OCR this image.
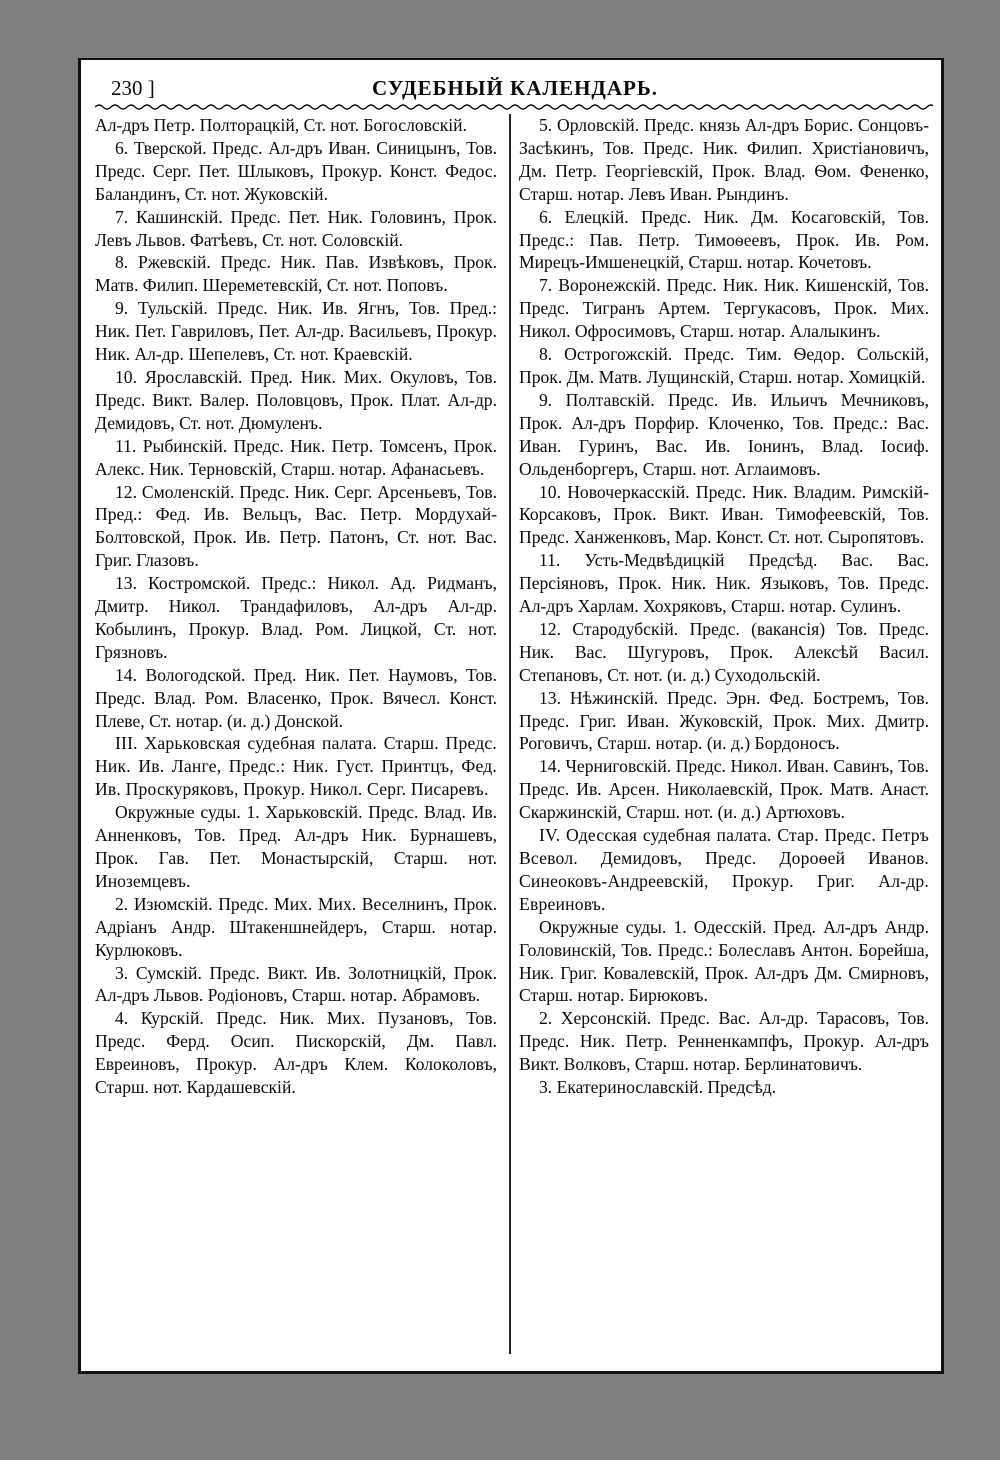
230 ]	СУДЕБНЫЙ КАЛЕНДАРЬ.

Ал-дръ Петр. Полторацкій, Ст. нот. Богословскій.

6. Тверской. Предс. Ал-дръ Иван. Синицынъ, Тов. Предс. Серг. Пет. Шлыковъ, Прокур. Конст. Федос. Баландинъ, Ст. нот. Жуковскій.

7. Кашинскій. Предс. Пет. Ник. Головинъ, Прок. Левъ Львов. Фатѣевъ, Ст. нот. Соловскій.

8. Ржевскій. Предс. Ник. Пав. Извѣковъ, Прок. Матв. Филип. Шереметевскій, Ст. нот. Поповъ.

9. Тульскій. Предс. Ник. Ив. Ягнъ, Тов. Пред.: Ник. Пет. Гавриловъ, Пет. Ал-др. Васильевъ, Прокур. Ник. Ал-др. Шепелевъ, Ст. нот. Краевскій.

10. Ярославскій. Пред. Ник. Мих. Окуловъ, Тов. Предс. Викт. Валер. Половцовъ, Прок. Плат. Ал-др. Демидовъ, Ст. нот. Дюмуленъ.

11. Рыбинскій. Предс. Ник. Петр. Томсенъ, Прок. Алекс. Ник. Терновскій, Старш. нотар. Афанасьевъ.

12. Смоленскій. Предс. Ник. Серг. Арсеньевъ, Тов. Пред.: Фед. Ив. Вельцъ, Вас. Петр. Мордухай-Болтовской, Прок. Ив. Петр. Патонъ, Ст. нот. Вас. Григ. Глазовъ.

13. Костромской. Предс.: Никол. Ад. Ридманъ, Дмитр. Никол. Трандафиловъ, Ал-дръ Ал-др. Кобылинъ, Прокур. Влад. Ром. Лицкой, Ст. нот. Грязновъ.

14. Вологодской. Пред. Ник. Пет. Наумовъ, Тов. Предс. Влад. Ром. Власенко, Прок. Вячесл. Конст. Плеве, Ст. нотар. (и. д.) Донской.

III. Харьковская судебная палата. Старш. Предс. Ник. Ив. Ланге, Предс.: Ник. Густ. Принтцъ, Фед. Ив. Проскуряковъ, Прокур. Никол. Серг. Писаревъ.

Окружные суды. 1. Харьковскій. Предс. Влад. Ив. Анненковъ, Тов. Пред. Ал-дръ Ник. Бурнашевъ, Прок. Гав. Пет. Монастырскій, Старш. нот. Иноземцевъ.

2. Изюмскій. Предс. Мих. Мих. Веселнинъ, Прок. Адріанъ Андр. Штакеншнейдеръ, Старш. нотар. Курлюковъ.

3. Сумскій. Предс. Викт. Ив. Золотницкій, Прок. Ал-дръ Львов. Родіоновъ, Старш. нотар. Абрамовъ.

4. Курскій. Предс. Ник. Мих. Пузановъ, Тов. Предс. Ферд. Осип. Пискорскій, Дм. Павл. Евреиновъ, Прокур. Ал-дръ Клем. Колоколовъ, Старш. нот. Кардашевскій.

5. Орловскій. Предс. князь Ал-дръ Борис. Сонцовъ-Засѣкинъ, Тов. Предс. Ник. Филип. Христіановичъ, Дм. Петр. Георгіевскій, Прок. Влад. Ѳом. Фененко, Старш. нотар. Левъ Иван. Рындинъ.

6. Елецкій. Предс. Ник. Дм. Косаговскій, Тов. Предс.: Пав. Петр. Тимоѳеевъ, Прок. Ив. Ром. Мирецъ-Имшенецкій, Старш. нотар. Кочетовъ.

7. Воронежскій. Предс. Ник. Ник. Кишенскій, Тов. Предс. Тигранъ Артем. Тергукасовъ, Прок. Мих. Никол. Офросимовъ, Старш. нотар. Алалыкинъ.

8. Острогожскій. Предс. Тим. Ѳедор. Сольскій, Прок. Дм. Матв. Лущинскій, Старш. нотар. Хомицкій.

9. Полтавскій. Предс. Ив. Ильичъ Мечниковъ, Прок. Ал-дръ Порфир. Клоченко, Тов. Предс.: Вас. Иван. Гуринъ, Вас. Ив. Іонинъ, Влад. Іосиф. Ольденборгеръ, Старш. нот. Аглаимовъ.

10. Новочеркасскій. Предс. Ник. Владим. Римскій-Корсаковъ, Прок. Викт. Иван. Тимофеевскій, Тов. Предс. Ханженковъ, Мар. Конст. Ст. нот. Сыропятовъ.

11. Усть-Медвѣдицкій Предсѣд. Вас. Вас. Персіяновъ, Прок. Ник. Ник. Языковъ, Тов. Предс. Ал-дръ Харлам. Хохряковъ, Старш. нотар. Сулинъ.

12. Стародубскій. Предс. (вакансія) Тов. Предс. Ник. Вас. Шугуровъ, Прок. Алексѣй Васил. Степановъ, Ст. нот. (и. д.) Суходольскій.

13. Нѣжинскій. Предс. Эрн. Фед. Бостремъ, Тов. Предс. Григ. Иван. Жуковскій, Прок. Мих. Дмитр. Роговичъ, Старш. нотар. (и. д.) Бордоносъ.

14. Черниговскій. Предс. Никол. Иван. Савинъ, Тов. Предс. Ив. Арсен. Николаевскій, Прок. Матв. Анаст. Скаржинскій, Старш. нот. (и. д.) Артюховъ.

IV. Одесская судебная палата. Стар. Предс. Петръ Всевол. Демидовъ, Предс. Дороѳей Иванов. Синеоковъ-Андреевскій, Прокур. Григ. Ал-др. Евреиновъ.

Окружные суды. 1. Одесскій. Пред. Ал-дръ Андр. Головинскій, Тов. Предс.: Болеславъ Антон. Борейша, Ник. Григ. Ковалевскій, Прок. Ал-дръ Дм. Смирновъ, Старш. нотар. Бирюковъ.

2. Херсонскій. Предс. Вас. Ал-др. Тарасовъ, Тов. Предс. Ник. Петр. Ренненкампфъ, Прокур. Ал-дръ Викт. Волковъ, Старш. нотар. Берлинатовичъ.

3. Екатеринославскій. Предсѣд.
